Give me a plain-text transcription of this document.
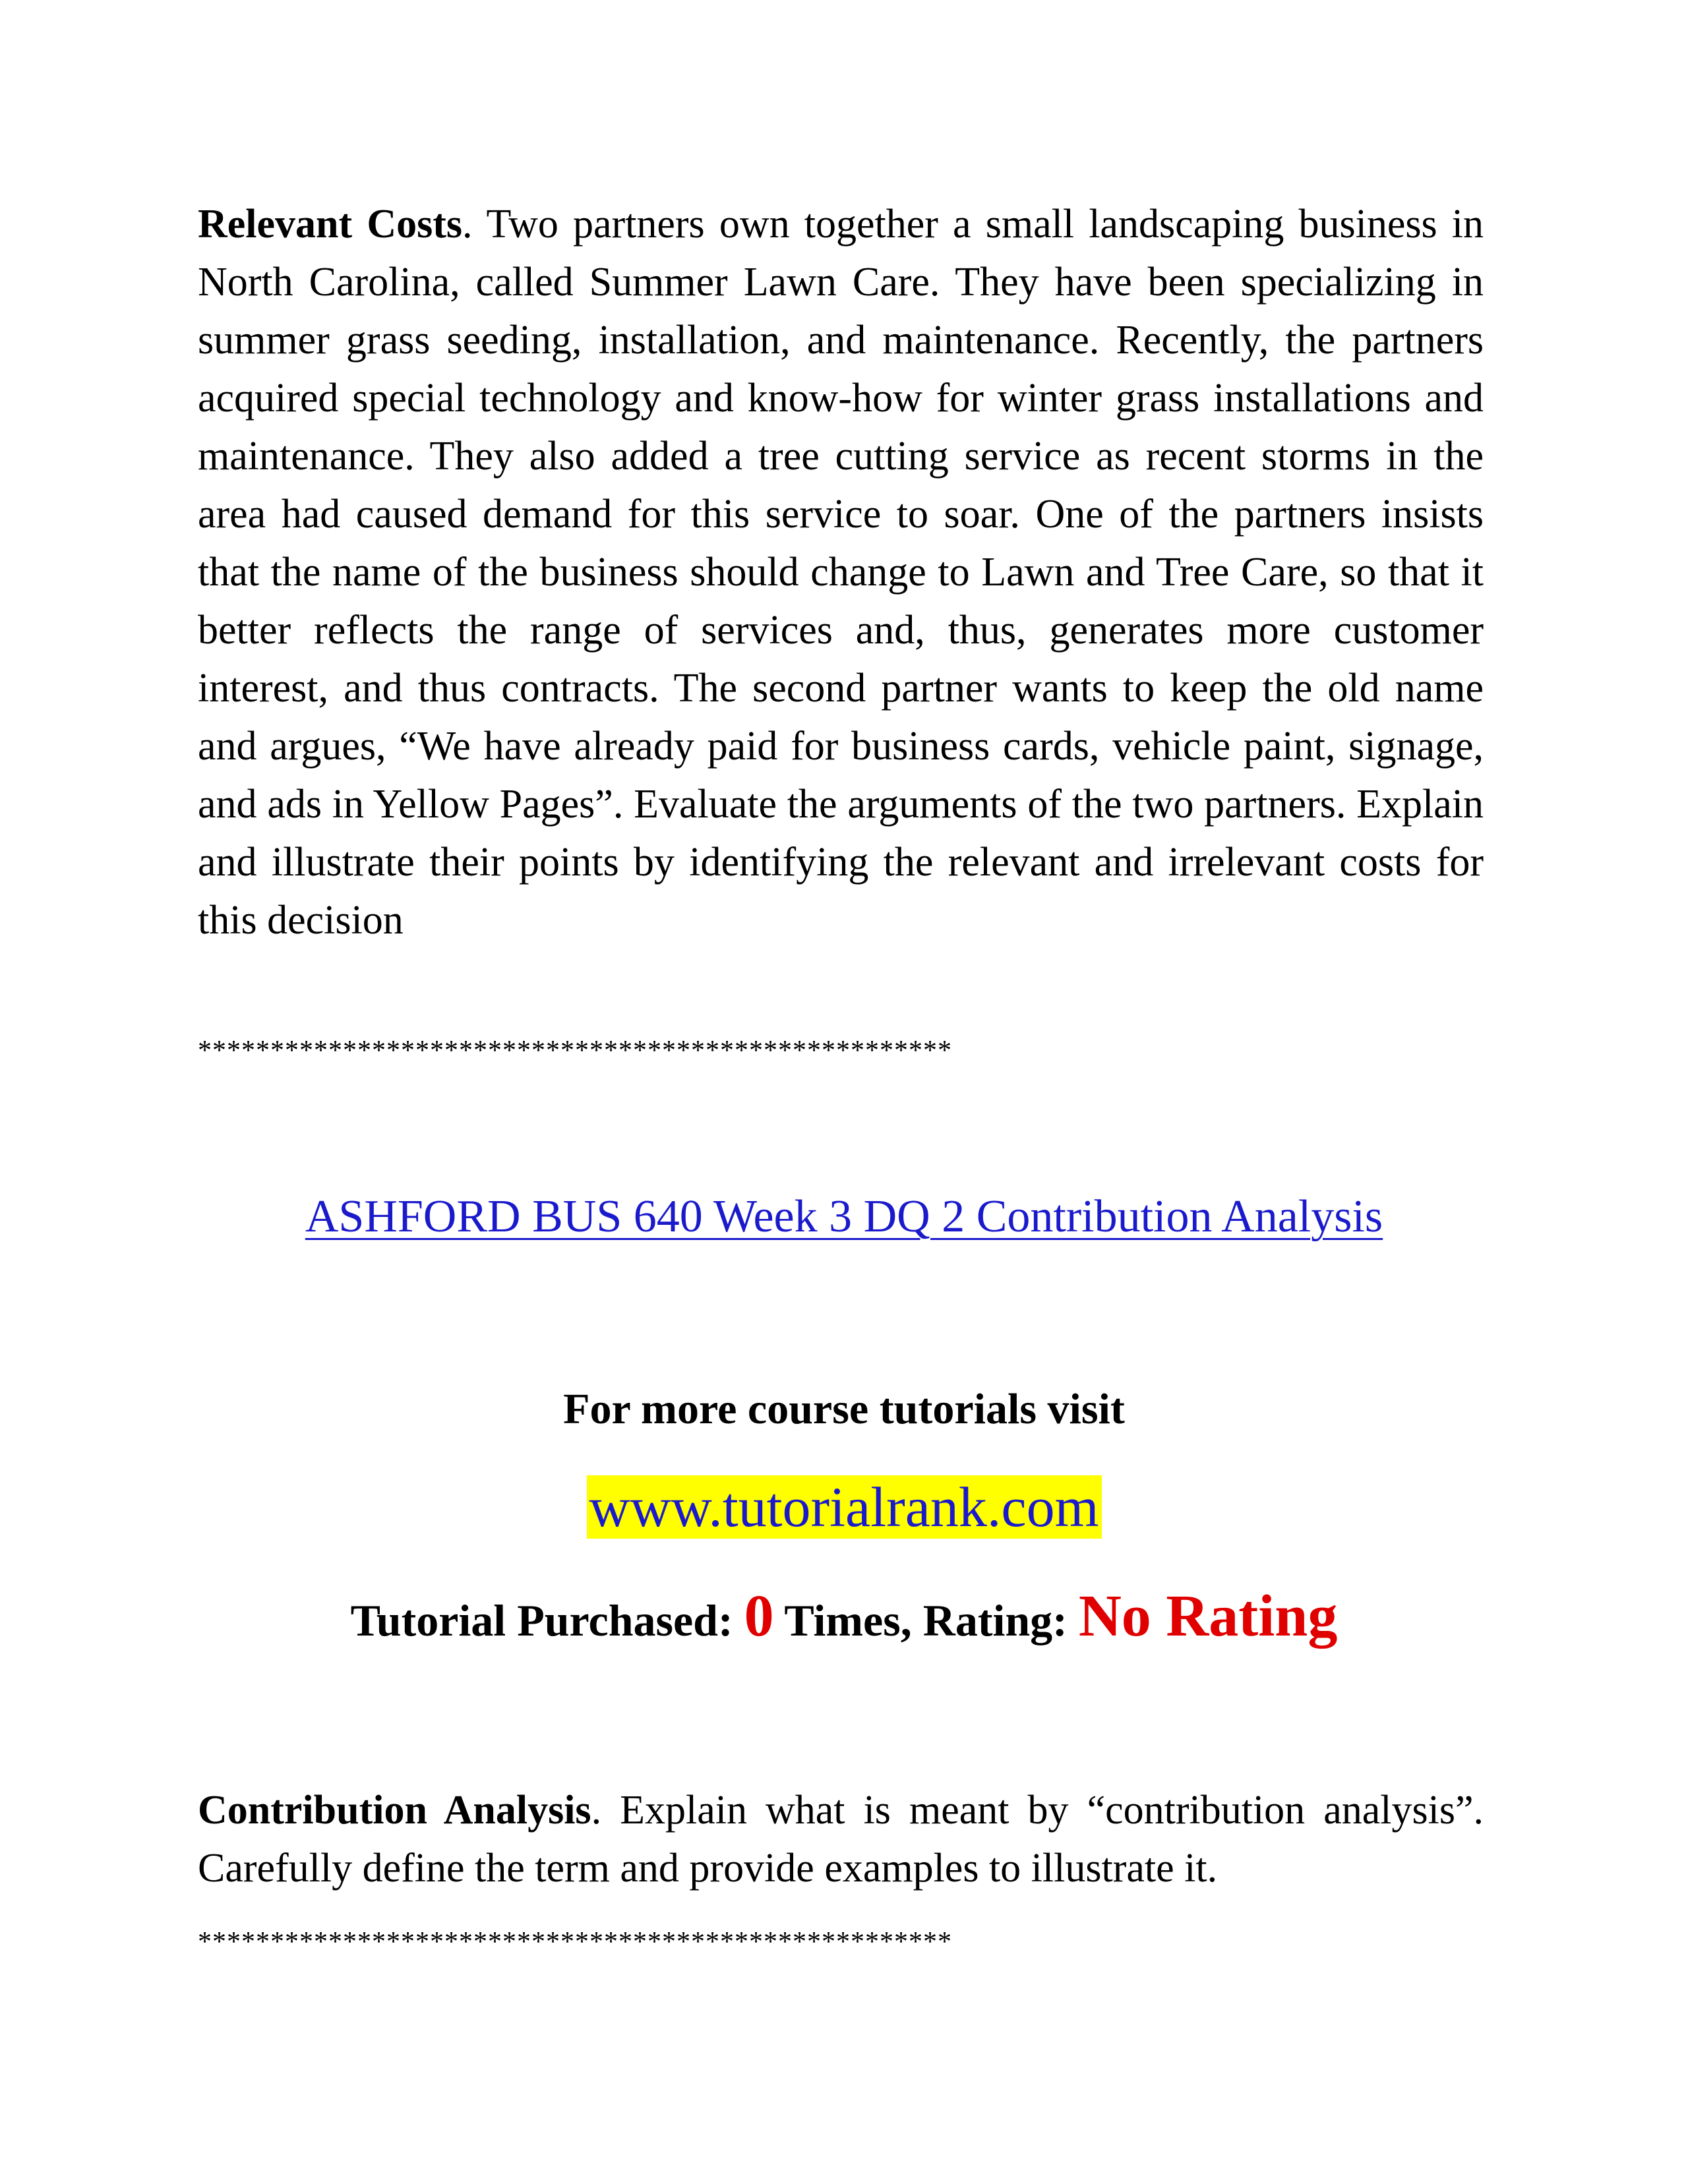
Relevant Costs. Two partners own together a small landscaping business in North Carolina, called Summer Lawn Care. They have been specializing in summer grass seeding, installation, and maintenance. Recently, the partners acquired special technology and know-how for winter grass installations and maintenance. They also added a tree cutting service as recent storms in the area had caused demand for this service to soar. One of the partners insists that the name of the business should change to Lawn and Tree Care, so that it better reflects the range of services and, thus, generates more customer interest, and thus contracts. The second partner wants to keep the old name and argues, “We have already paid for business cards, vehicle paint, signage, and ads in Yellow Pages”. Evaluate the arguments of the two partners. Explain and illustrate their points by identifying the relevant and irrelevant costs for this decision
****************************************************
ASHFORD BUS 640 Week 3 DQ 2 Contribution Analysis
For more course tutorials visit
www.tutorialrank.com
Tutorial Purchased: 0 Times, Rating: No Rating
Contribution Analysis. Explain what is meant by “contribution analysis”. Carefully define the term and provide examples to illustrate it.
****************************************************
